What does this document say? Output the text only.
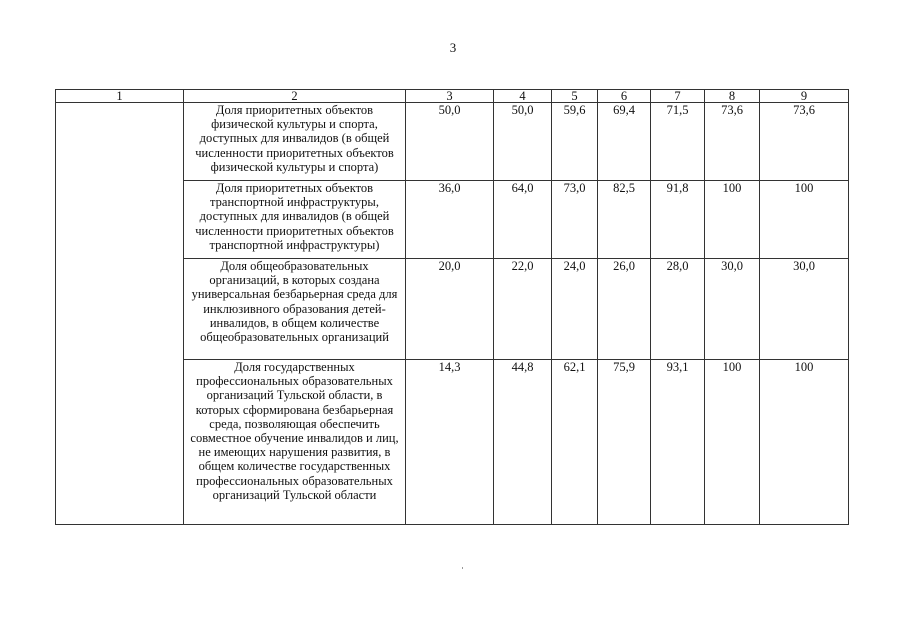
3
1	2	3	4	5	6	7	8	9
	Доля приоритетных объектов физической культуры и спорта, доступных для инвалидов (в общей численности приоритетных объектов физической культуры и спорта)	50,0	50,0	59,6	69,4	71,5	73,6	73,6
	Доля приоритетных объектов транспортной инфраструктуры, доступных для инвалидов (в общей численности приоритетных объектов транспортной инфраструктуры)	36,0	64,0	73,0	82,5	91,8	100	100
	Доля общеобразовательных организаций, в которых создана универсальная безбарьерная среда для инклюзивного образования детей-инвалидов, в общем количестве общеобразовательных организаций	20,0	22,0	24,0	26,0	28,0	30,0	30,0
	Доля государственных профессиональных образовательных организаций Тульской области, в которых сформирована безбарьерная среда, позволяющая обеспечить совместное обучение инвалидов и лиц, не имеющих нарушения развития, в общем количестве государственных профессиональных образовательных организаций Тульской области	14,3	44,8	62,1	75,9	93,1	100	100
